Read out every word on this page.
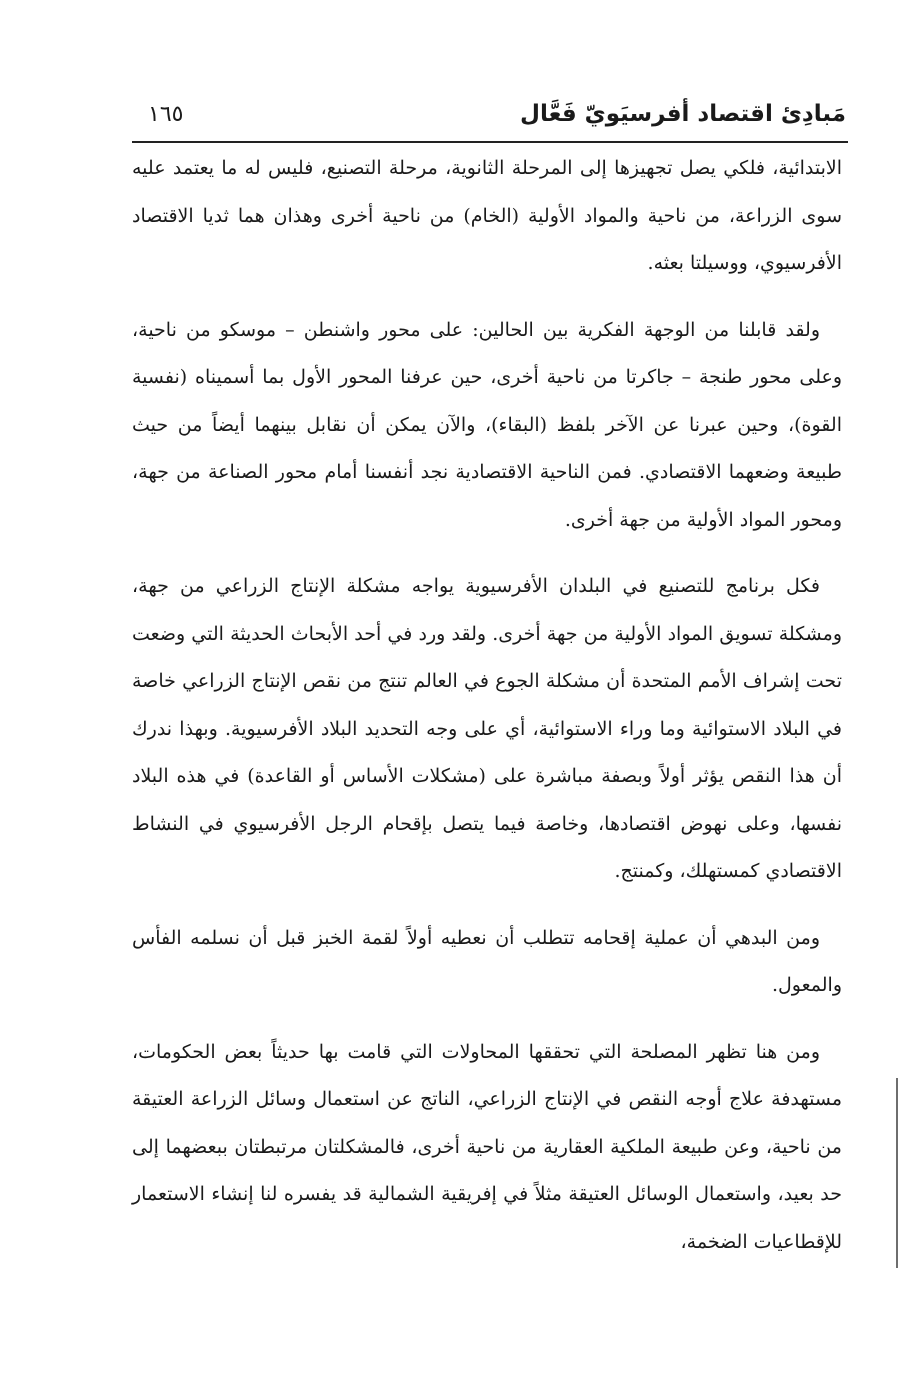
مَبادِئ اقتصاد أفرسيَويّ فَعَّال
١٦٥

الابتدائية، فلكي يصل تجهيزها إلى المرحلة الثانوية، مرحلة التصنيع، فليس له ما يعتمد عليه سوى الزراعة، من ناحية والمواد الأولية (الخام) من ناحية أخرى وهذان هما ثديا الاقتصاد الأفرسيوي، ووسيلتا بعثه.

ولقد قابلنا من الوجهة الفكرية بين الحالين: على محور واشنطن – موسكو من ناحية، وعلى محور طنجة – جاكرتا من ناحية أخرى، حين عرفنا المحور الأول بما أسميناه (نفسية القوة)، وحين عبرنا عن الآخر بلفظ (البقاء)، والآن يمكن أن نقابل بينهما أيضاً من حيث طبيعة وضعهما الاقتصادي. فمن الناحية الاقتصادية نجد أنفسنا أمام محور الصناعة من جهة، ومحور المواد الأولية من جهة أخرى.

فكل برنامج للتصنيع في البلدان الأفرسيوية يواجه مشكلة الإنتاج الزراعي من جهة، ومشكلة تسويق المواد الأولية من جهة أخرى. ولقد ورد في أحد الأبحاث الحديثة التي وضعت تحت إشراف الأمم المتحدة أن مشكلة الجوع في العالم تنتج من نقص الإنتاج الزراعي خاصة في البلاد الاستوائية وما وراء الاستوائية، أي على وجه التحديد البلاد الأفرسيوية. وبهذا ندرك أن هذا النقص يؤثر أولاً وبصفة مباشرة على (مشكلات الأساس أو القاعدة) في هذه البلاد نفسها، وعلى نهوض اقتصادها، وخاصة فيما يتصل بإقحام الرجل الأفرسيوي في النشاط الاقتصادي كمستهلك، وكمنتج.

ومن البدهي أن عملية إقحامه تتطلب أن نعطيه أولاً لقمة الخبز قبل أن نسلمه الفأس والمعول.

ومن هنا تظهر المصلحة التي تحققها المحاولات التي قامت بها حديثاً بعض الحكومات، مستهدفة علاج أوجه النقص في الإنتاج الزراعي، الناتج عن استعمال وسائل الزراعة العتيقة من ناحية، وعن طبيعة الملكية العقارية من ناحية أخرى، فالمشكلتان مرتبطتان ببعضهما إلى حد بعيد، واستعمال الوسائل العتيقة مثلاً في إفريقية الشمالية قد يفسره لنا إنشاء الاستعمار للإقطاعيات الضخمة،
